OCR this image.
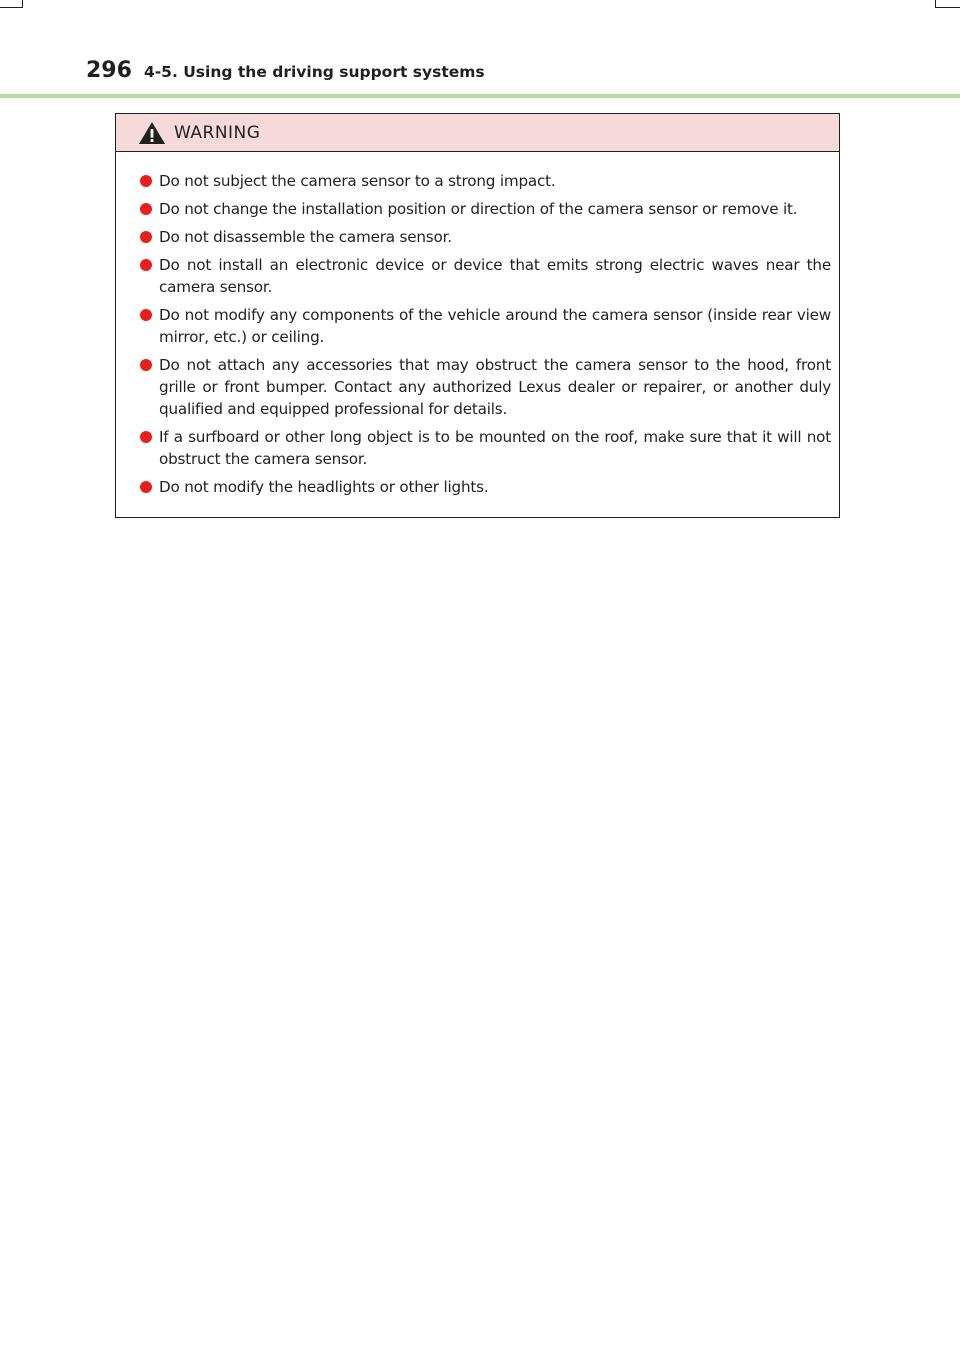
296 4-5. Using the driving support systems
WARNING
Do not subject the camera sensor to a strong impact.
Do not change the installation position or direction of the camera sensor or remove it.
Do not disassemble the camera sensor.
Do not install an electronic device or device that emits strong electric waves near the camera sensor.
Do not modify any components of the vehicle around the camera sensor (inside rear view mirror, etc.) or ceiling.
Do not attach any accessories that may obstruct the camera sensor to the hood, front grille or front bumper. Contact any authorized Lexus dealer or repairer, or another duly qualified and equipped professional for details.
If a surfboard or other long object is to be mounted on the roof, make sure that it will not obstruct the camera sensor.
Do not modify the headlights or other lights.
